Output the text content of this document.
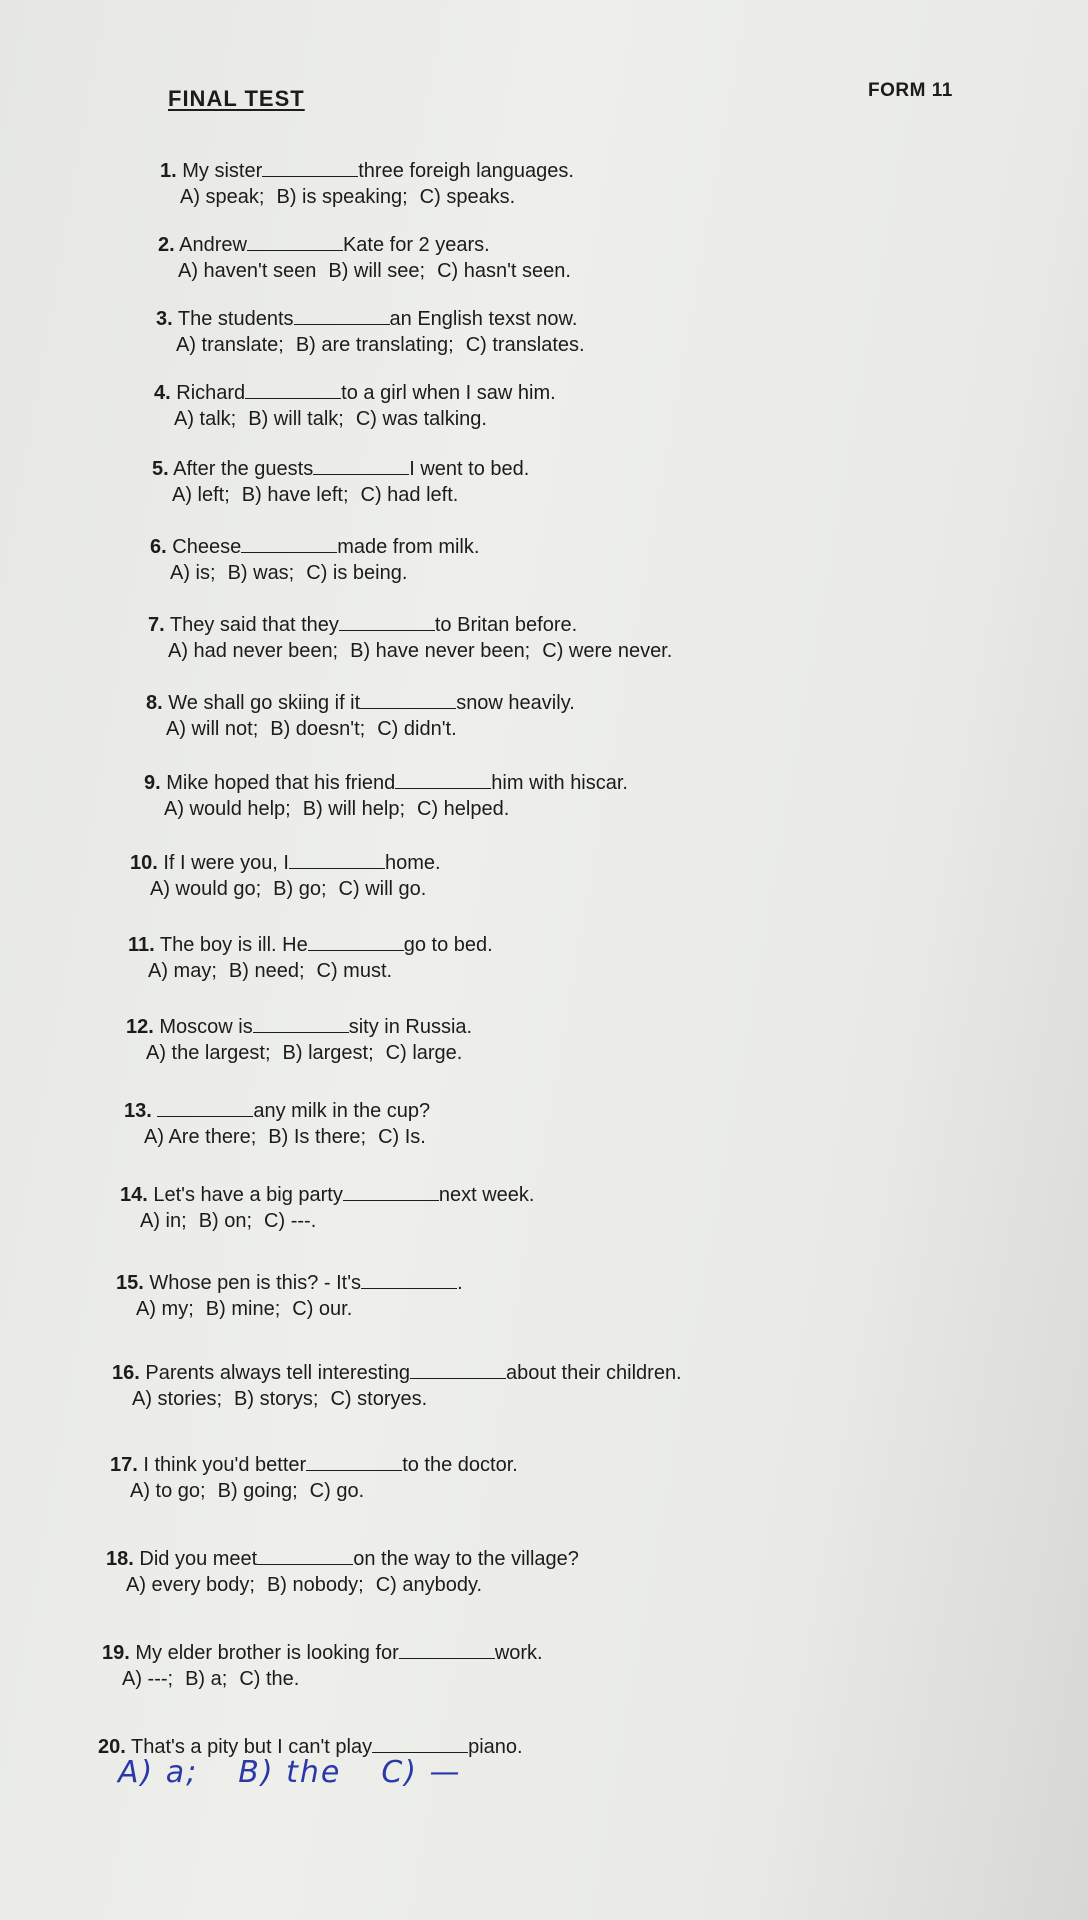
FINAL TEST	FORM 11
1. My sister	three foreigh languages.
A) speak; B) is speaking; C) speaks.
2. Andrew	Kate for 2 years.
A) haven't seen B) will see; C) hasn't seen.
3. The students	an English texst now.
A) translate; B) are translating; C) translates.
4. Richard	to a girl when I saw him.
A) talk; B) will talk; C) was talking.
5. After the guests	I went to bed.
A) left; B) have left; C) had left.
6. Cheese	made from milk.
A) is; B) was; C) is being.
7. They said that they	to Britan before.
A) had never been; B) have never been; C) were never.
8. We shall go skiing if it	snow heavily.
A) will not; B) doesn't; C) didn't.
9. Mike hoped that his friend	him with hiscar.
A) would help; B) will help; C) helped.
10. If I were you, I	home.
A) would go; B) go; C) will go.
11. The boy is ill. He	go to bed.
A) may; B) need; C) must.
12. Moscow is	sity in Russia.
A) the largest; B) largest; C) large.
13.	any milk in the cup?
A) Are there; B) Is there; C) Is.
14. Let's have a big party	next week.
A) in; B) on; C) ---.
15. Whose pen is this? - It's	.
A) my; B) mine; C) our.
16. Parents always tell interesting	about their children.
A) stories; B) storys; C) storyes.
17. I think you'd better	to the doctor.
A) to go; B) going; C) go.
18. Did you meet	on the way to the village?
A) every body; B) nobody; C) anybody.
19. My elder brother is looking for	work.
A) ---; B) a; C) the.
20. That's a pity but I can't play	piano.
A) a; B) the C) —
